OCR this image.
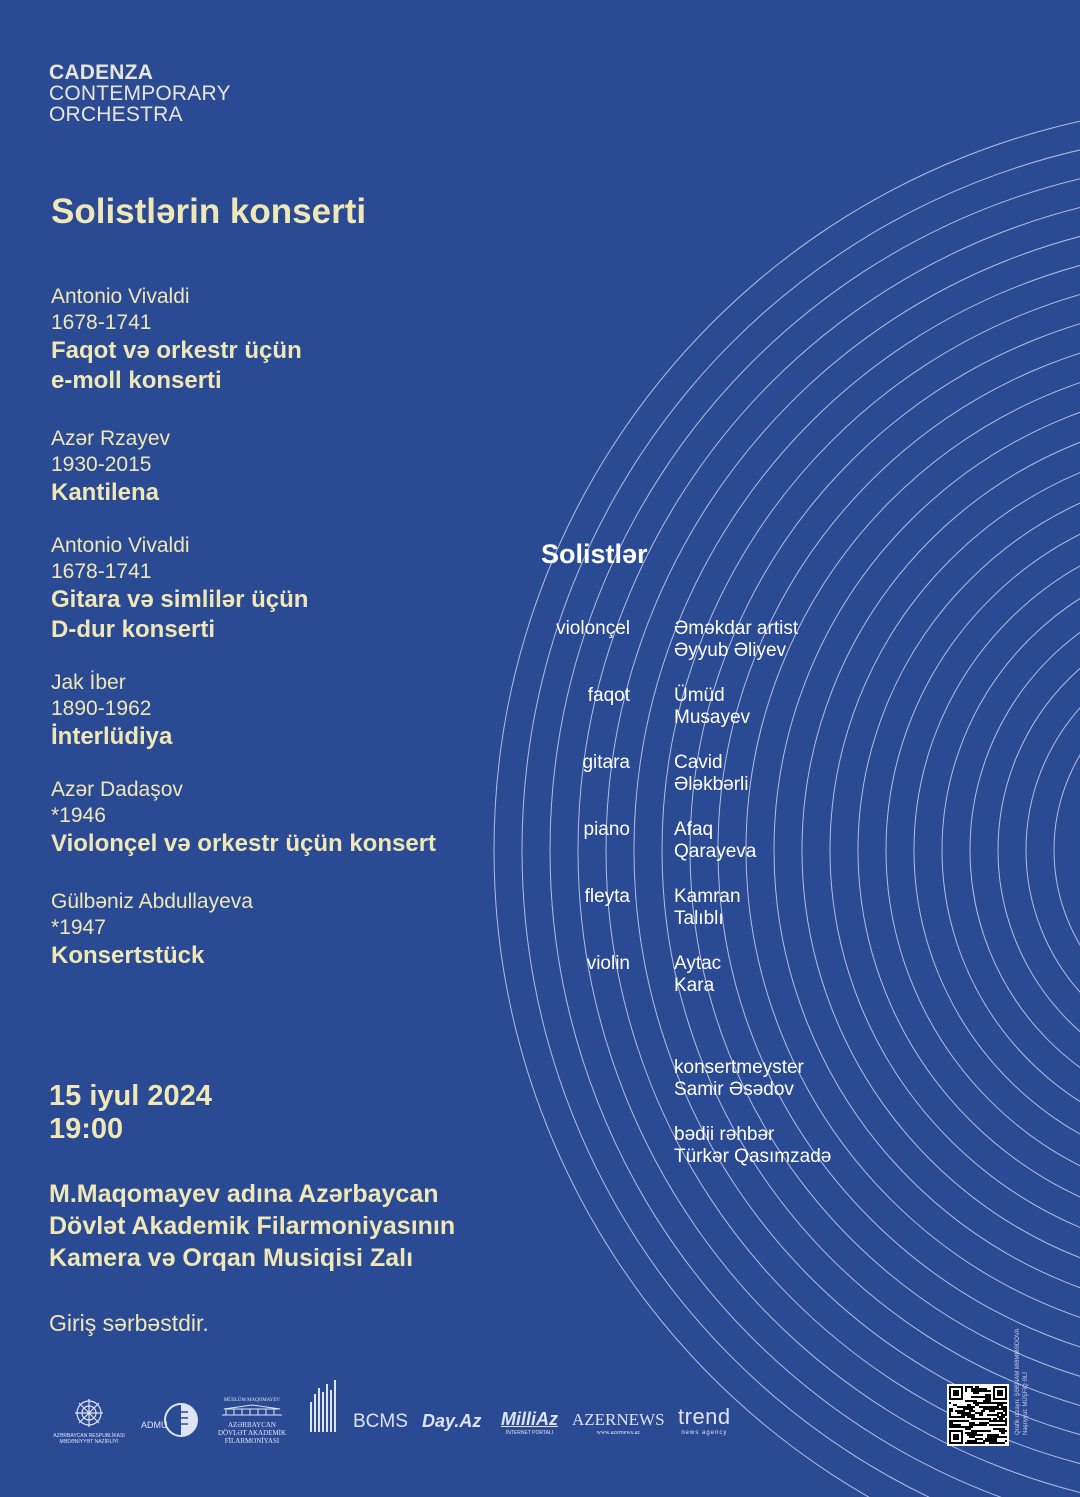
CADENZA
CONTEMPORARY
ORCHESTRA
Solistlərin konserti
Antonio Vivaldi
1678-1741
Faqot və orkestr üçün
e-moll konserti
Azər Rzayev
1930-2015
Kantilena
Antonio Vivaldi
1678-1741
Gitara və simlilər üçün
D-dur konserti
Jak İber
1890-1962
İnterlüdiya
Azər Dadaşov
*1946
Violonçel və orkestr üçün konsert
Gülbəniz Abdullayeva
*1947
Konsertstück
Solistlər
violonçel Əməkdar artist
Əyyub Əliyev
faqot Ümüd
Musayev
gitara Cavid
Ələkbərli
piano Afaq
Qarayeva
fleyta Kamran
Talıblı
violin Aytac
Kara
konsertmeyster
Samir Əsədov
bədii rəhbər
Türkər Qasımzadə
15 iyul 2024
19:00
M.Maqomayev adına Azərbaycan
Dövlət Akademik Filarmoniyasının
Kamera və Orqan Musiqisi Zalı
Giriş sərbəstdir.
AZƏRBAYCAN RESPUBLİKASI MƏDƏNİYYƏT NAZİRLİYİ
ADMU
MÜSLÜM MAQOMAYEV
AZƏRBAYCAN DÖVLƏT AKADEMİK FİLARMONİYASI
BCMS Day.Az MilliAz
İNTERNET PORTALI
AZERNEWS
www.azernews.az
trend
news agency	Qrafik dizayn: ŞƏBNAM MƏMMƏDOVA Nəşriyyat: MÜŞFİQ ƏLİ
